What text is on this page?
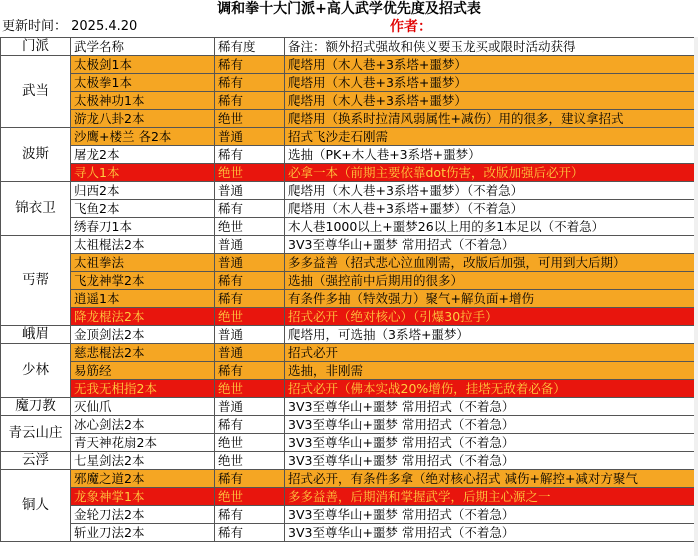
调和拳十大门派+高人武学优先度及招式表
更新时间： 2025.4.20	作者：
门派	武学名称	稀有度	备注：额外招式强故和侠义要玉龙买或限时活动获得
武当	太极剑1本	稀有	爬塔用（木人巷+3系塔+噩梦）
	太极拳1本	稀有	爬塔用（木人巷+3系塔+噩梦）
	太极神功1本	稀有	爬塔用（木人巷+3系塔+噩梦）
	游龙八卦2本	绝世	爬塔用（换系时拉清风弱属性+减伤）用的很多，建议拿招式
波斯	沙鹰+楼兰 各2本	普通	招式飞沙走石刚需
	屠龙2本	稀有	选抽（PK+木人巷+3系塔+噩梦）
	寻人1本	绝世	必拿一本（前期主要依靠dot伤害，改版加强后必开）
锦衣卫	归西2本	普通	爬塔用（木人巷+3系塔+噩梦）（不着急）
	飞鱼2本	稀有	爬塔用（木人巷+3系塔+噩梦）（不着急）
	绣春刀1本	绝世	木人巷1000以上+噩梦26以上用的多1本足以（不着急）
丐帮	太祖棍法2本	普通	3V3至尊华山+噩梦 常用招式（不着急）
	太祖拳法	普通	多多益善（招式悲心泣血刚需，改版后加强，可用到大后期）
	飞龙神掌2本	稀有	选抽（强控前中后期用的很多）
	逍遥1本	稀有	有条件多抽（特效强力）聚气+解负面+增伤
	降龙棍法2本	绝世	招式必开（绝对核心）（引爆30拉手）
峨眉	金顶剑法2本	普通	爬塔用，可选抽（3系塔+噩梦）
少林	慈悲棍法2本	普通	招式必开
	易筋经	稀有	选抽，非刚需
	无我无相指2本	绝世	招式必开（佛本实战20%增伤，挂塔无敌着必备）
魔刀教	灭仙爪	普通	3V3至尊华山+噩梦 常用招式（不着急）
青云山庄	冰心剑法2本	稀有	3V3至尊华山+噩梦 常用招式（不着急）
	青天神花扇2本	绝世	3V3至尊华山+噩梦 常用招式（不着急）
云浮	七星剑法2本	绝世	3V3至尊华山+噩梦 常用招式（不着急）
铜人	邪魔之道2本	稀有	招式必开，有条件多拿（绝对核心招式 减伤+解控+减对方聚气
	龙象神掌1本	绝世	多多益善，后期消和掌握武学，后期主心源之一
	金轮刀法2本	稀有	3V3至尊华山+噩梦 常用招式（不着急）
	斩业刀法2本	稀有	3V3至尊华山+噩梦 常用招式（不着急）
